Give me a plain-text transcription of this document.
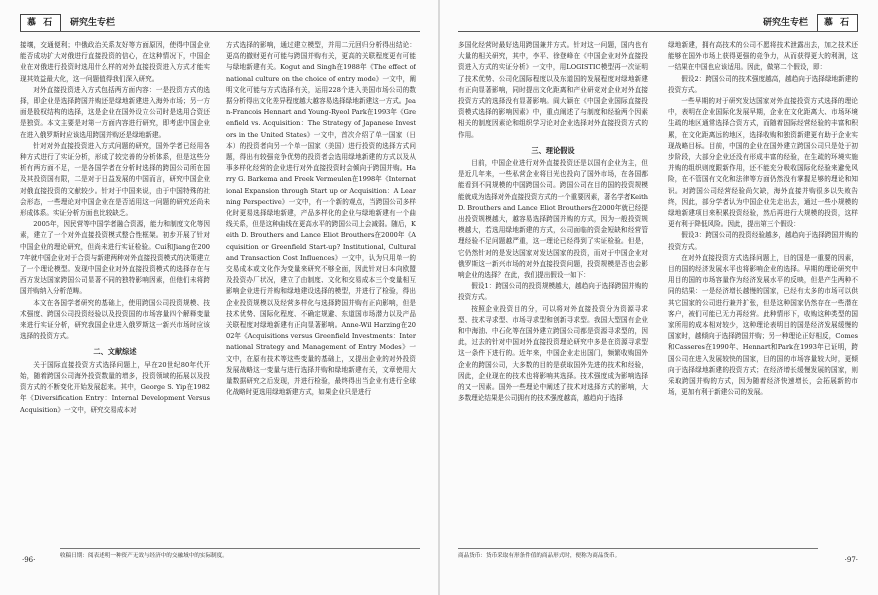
慕 石 研究生专栏

接壤，交通便利；中俄政治关系友好等方面原因，使得中国企业能否成功扩大对俄进行直接投资的信心，在这种情况下，中国企业在对俄进行投资时选用什么样的对外直接投资进入方式才能实现其效益最大化，这一问题值得我们深入研究。

对外直接投资进入方式包括两方面内容：一是投资方式的选择，即企业是选择跨国并购还是绿地新建进入海外市场；另一方面是股权结构的选择，这是企业在国外设立公司时是选用合资还是独资。本文主要是对第一方面内容进行研究，即考虑中国企业在进入俄罗斯时应该选用跨国并购还是绿地新建。

针对对外直接投资进入方式问题的研究，国外学者已经用各种方式进行了实证分析，形成了较完善的分析体系，但是这些分析有两方面不足，一是各国学者在分析时选择的跨国公司所在国及其投资国有限，二是对于日益发展的中国而言，研究中国企业对俄直接投资的文献较少。针对于中国来说，由于中国特殊的社会形态，一些理论对中国企业在是否适用这一问题的研究还尚未形成体系。实证分析方面也比较缺乏。

2005年，因民营等中国学者融合资源，能力和制度文化等因素，建立了一个对外直接投资模式整合性框架。初步开展了针对中国企业的理论研究，但尚未进行实证检验。Cui和Jiang在2007年就中国企业对于合资与新建两种对外直接投资模式的决策建立了一个理论模型。发现中国企业对外直接投资模式的选择存在与西方发达国家跨国公司显著不同的独特影响因素，但他们未将跨国并购纳入分析范畴。

本文在各国学者研究的基础上，使用跨国公司投资规模、技术强度、跨国公司投资经验以及投资国的市场容量四个解释变量来进行实证分析，研究我国企业进入俄罗斯这一新兴市场时应该选择的投资方式。

二、文献综述

关于国际直接投资方式选择问题上，早在20世纪80年代开始，随着跨国公司海外投资数量的增多，投资领域的拓展以及投资方式的不断变化开始发展起来。其中，George S. Yip在1982年《Diversification Entry：Internal Development Versus Acquisition》一文中，研究交易成本对

方式选择的影响，通过建立模型，并用二元回归分析得出结论：更高的撤财更有可能与跨国并购有关，更高的关联程度更有可能与绿地新建有关。Kogut and Singh在1988年《The effect of national culture on the choice of entry mode》一文中，阐明文化可能与方式选择有关，运用228个进入美国市场公司的数据分析得出文化差异程度越大越容易选择绿地新建这一方式。Jean-Francois Hennart and Young-Ryeol Park在1993年《Greenfield vs. Acquisition：The Strategy of Japanese Investors in the United States》一文中，首次介绍了单一国家（日本）的投资者向另一个单一国家（美国）进行投资的选择方式问题，得出有较强竞争优势的投资者会选用绿地新建的方式以及从事多样化经营的企业进行对外直接投资时会倾向于跨国并购。Harry G. Barkema and Freek Vermeulen在1998年《International Expansion through Start up or Acquisition：A Learning Perspective》一文中，有一个新的观点，当跨国公司多样化时更易选择绿地新建，产品多样化的企业与绿地新建有一个曲线关系，但是这种曲线在更高水平的跨国公司上会减弱。随后，Keith D. Brouthers and Lance Eliot Brouthers在2000年《Acquisition or Greenfield Start-up? Institutional, Cultural and Transaction Cost Influences》一文中，认为只用单一的交易成本或文化作为变量来研究不够全面，因此针对日本向欧盟及投资办厂状况，建立了由制度、文化和交易成本三个变量相互影响企业进行并购和绿地建设选择的模型，并进行了检验，得出企业投资规模以及经营多样化与选择跨国并购有正向影响，但是技术优势、国际化程度、不确定规避、东道国市场潜力以及产品关联程度对绿地新建有正向显著影响。Anne-Wil Harzing在2002年《Acquisitions versus Greenfield Investments：International Strategy and Management of Entry Modes》一文中，在原有技术等这些变量的基础上，又提出企业的对外投资发展战略这一变量与进行选择并购和绿地新建有关，文章使用大量数据研究之后发现，并进行检验，最终得出当企业有进行全球化战略时更选用绿地新建方式，如果企业只是进行

·96·	收稿日期：阅表述明一种资产无效与经济中的交融域中的实际制度。
研究生专栏 慕 石

多国化经营时最好选用跨国兼并方式。针对这一问题，国内也有大量的相关研究，其中，李平、徐登峰在《中国企业对外直接投资进入方式的实证分析》一文中，用LOGISTIC模型再一次证明了技术优势、公司化国际程度以及东道国的发展程度对绿地新建有正向显著影响，同时提出文化距离和产业研竞对企业对外直接投资方式的选择没有显著影响。阎大颖在《中国企业国际直接投资模式选择的影响因素》中，重点阐述了与制度和经验两个因素相关的制度因素论和组织学习论对企业选择对外直接投资方式的作用。

三、理论假设

目前，中国企业进行对外直接投资还是以国有企业为主，但是近几年来，一些私营企业将目光也投向了国外市场，在各国都能看到不同规模的中国跨国公司。跨国公司在目的国的投资规模能就成为选择对外直接投资方式的一个重要因素，著名学者Keith D. Brouthers and Lance Eliot Brouthers在2000年就已经提出投资规模越大，越容易选择跨国并购的方式，因为一般投资规模越大，若选用绿地新建的方式，公司面临的资金短缺和经营管理经验不足问题越严重，这一理论已经得到了实证检验。但是，它仍然针对的是发达国家对发达国家的投资，而对于中国企业对俄罗斯这一新兴市场的对外直接投资问题，投资规模是否也会影响企业的选择？在此，我们提出假设一如下：

假设1：跨国公司的投资规模越大，越趋向于选择跨国并购的投资方式。

按照企业投资目的分，可以将对外直接投资分为资源寻求型、技术寻求型、市场寻求型和创新寻求型。我国大型国有企业和中海油、中石化等在国外建立跨国公司都是资源寻求型的，因此，过去的针对中国对外直接投资理论研究中多是在资源寻求型这一条件下进行的。近年来，中国企业走出国门，频繁收购国外企业的跨国公司，大多数的目的是获取国外先进的技术和经验，因此，企业现在的技术也将影响其选择。技术强度成为影响选择的又一因素。国外一些理论中阐述了技术对选择方式的影响，大多数理论结果是公司拥有的技术强度越高，越趋向于选择

绿地新建，拥有高技术的公司不愿将技术泄露出去，加之技术还能够在国外市场上获得更强的竞争力，从而获得更大的利润，这一结果在中国也应该适用。因此，做第二个假设，即：

假设2：跨国公司的技术强度越高，越趋向于选择绿地新建的投资方式。

一些早期的对于研究发达国家对外直接投资方式选择的理论中，表明在企业国际化发展早期，企业在文化距离大、市场环境生疏的地区通常选择合资方式，而随着国际经营经验的丰富和积累，在文化距离远的地区，选择收购和独资新建更有助于企业实现战略目标。目前，中国的企业在国外建立跨国公司只是处于初步阶段，大部分企业还没有形成丰富的经验，在生疏的环境实施并购的组织则度跟新作用，还不能充分吸收国际化经验来避免风险，在不管国有文化和法律等方面仍然没有掌握足够的理论和知识。对跨国公司经营经验尚欠缺，海外直接并购很多以失败告终，因此，部分学者认为中国企业先走出去，通过一些小规模的绿地新建项目来积累投资经验，然后再进行大规模的投资，这样更有利于降低风险。因此，提出第三个假设：

假设3：跨国公司的投资经验越多，越趋向于选择跨国并购的投资方式。

在对外直接投资方式选择问题上，目的国是一重要的因素，目的国的经济发展水平也将影响企业的选择。早期的理论研究中用目的国的市场容量作为经济发展水平的反映，但是产生两种不同的结果：一是经济增长越慢的国家，已经有太多的市场可以供其它国家的公司进行兼并扩张，但是这种国家仍然存在一些潜在客户，被们可能已无力再经营。此种情形下，收购这种类型的国家所用的成本相对较少，这种理论表明目的国是经济发展缓慢的国家时，越倾向于选择跨国并购；另一种理论正好相反，Comes和Casseres在1990年、Hennart和Park在1993年已证明，跨国公司在进入发展较快的国家，目的国的市场容量较大时，更倾向于选择绿地新建的投资方式；在经济增长缓慢发展的国家，则采取跨国并购的方式，因为随着经济快速增长，会拓展新的市场，更加有利于新建公司的发展。

商品货币：货币采取有形条件值的商品形式时，便称为商品货币。	·97·
